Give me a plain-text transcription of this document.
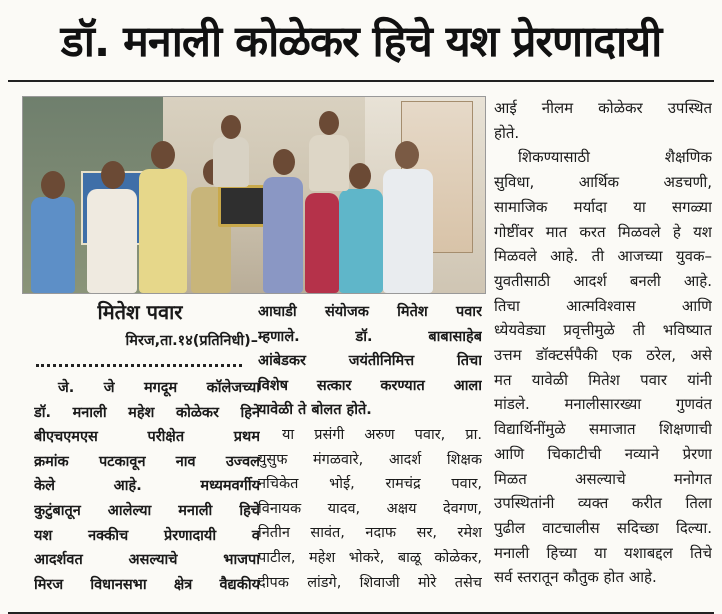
डॉ. मनाली कोळेकर हिचे यश प्रेरणादायी
मितेश पवार
मिरज,ता.१४(प्रतिनिधी)–
जे. जे मगदूम कॉलेजच्या
डॉ. मनाली महेश कोळेकर हिने
बीएचएमएस परीक्षेत प्रथम
क्रमांक पटकावून नाव उज्वल
केले आहे. मध्यमवर्गीय
कुटुंबातून आलेल्या मनाली हिचे
यश नक्कीच प्रेरणादायी व
आदर्शवत असल्याचे भाजपा
मिरज विधानसभा क्षेत्र वैद्यकीय
आघाडी संयोजक मितेश पवार
म्हणाले. डॉ. बाबासाहेब
आंबेडकर जयंतीनिमित्त तिचा
विशेष सत्कार करण्यात आला
यावेळी ते बोलत होते.
या प्रसंगी अरुण पवार, प्रा.
युसुफ मंगळवारे, आदर्श शिक्षक
नचिकेत भोई, रामचंद्र पवार,
विनायक यादव, अक्षय देवगण,
नितीन सावंत, नदाफ सर, रमेश
पाटील, महेश भोकरे, बाळू कोळेकर,
दीपक लांडगे, शिवाजी मोरे तसेच
आई नीलम कोळेकर उपस्थित
होते.
शिकण्यासाठी शैक्षणिक
सुविधा, आर्थिक अडचणी,
सामाजिक मर्यादा या सगळ्या
गोष्टींवर मात करत मिळवले हे यश
मिळवले आहे. ती आजच्या युवक–
युवतीसाठी आदर्श बनली आहे.
तिचा आत्मविश्वास आणि
ध्येयवेड्या प्रवृत्तीमुळे ती भविष्यात
उत्तम डॉक्टर्सपैकी एक ठरेल, असे
मत यावेळी मितेश पवार यांनी
मांडले. मनालीसारख्या गुणवंत
विद्यार्थिनींमुळे समाजात शिक्षणाची
आणि चिकाटीची नव्याने प्रेरणा
मिळत असल्याचे मनोगत
उपस्थितांनी व्यक्त करीत तिला
पुढील वाटचालीस सदिच्छा दिल्या.
मनाली हिच्या या यशाबद्दल तिचे
सर्व स्तरातून कौतुक होत आहे.
